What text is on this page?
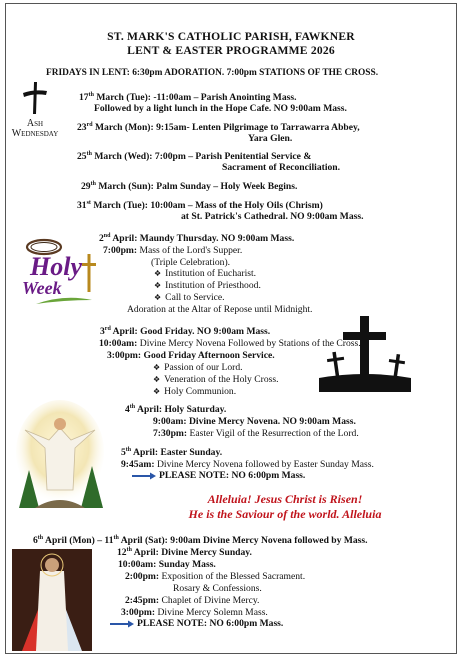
ST. MARK'S CATHOLIC PARISH, FAWKNER
LENT & EASTER PROGRAMME 2026
FRIDAYS IN LENT: 6:30pm ADORATION. 7:00pm STATIONS OF THE CROSS.
Ash
Wednesday
17th March (Tue): -11:00am – Parish Anointing Mass.
Followed by a light lunch in the Hope Cafe. NO 9:00am Mass.
23rd March (Mon): 9:15am- Lenten Pilgrimage to Tarrawarra Abbey,
Yara Glen.
25th March (Wed): 7:00pm – Parish Penitential Service &
Sacrament of Reconciliation.
29th March (Sun): Palm Sunday – Holy Week Begins.
31st March (Tue): 10:00am – Mass of the Holy Oils (Chrism)
at St. Patrick's Cathedral. NO 9:00am Mass.
Holy
Week
2nd April: Maundy Thursday. NO 9:00am Mass.
7:00pm: Mass of the Lord's Supper.
(Triple Celebration).
❖ Institution of Eucharist.
❖ Institution of Priesthood.
❖ Call to Service.
Adoration at the Altar of Repose until Midnight.
3rd April: Good Friday. NO 9:00am Mass.
10:00am: Divine Mercy Novena Followed by Stations of the Cross.
3:00pm: Good Friday Afternoon Service.
❖ Passion of our Lord.
❖ Veneration of the Holy Cross.
❖ Holy Communion.
4th April: Holy Saturday.
9:00am: Divine Mercy Novena. NO 9:00am Mass.
7:30pm: Easter Vigil of the Resurrection of the Lord.
5th April: Easter Sunday.
9:45am: Divine Mercy Novena followed by Easter Sunday Mass.
PLEASE NOTE: NO 6:00pm Mass.
Alleluia! Jesus Christ is Risen!
He is the Saviour of the world. Alleluia
6th April (Mon) – 11th April (Sat): 9:00am Divine Mercy Novena followed by Mass.
12th April: Divine Mercy Sunday.
10:00am: Sunday Mass.
2:00pm: Exposition of the Blessed Sacrament.
Rosary & Confessions.
2:45pm: Chaplet of Divine Mercy.
3:00pm: Divine Mercy Solemn Mass.
PLEASE NOTE: NO 6:00pm Mass.
